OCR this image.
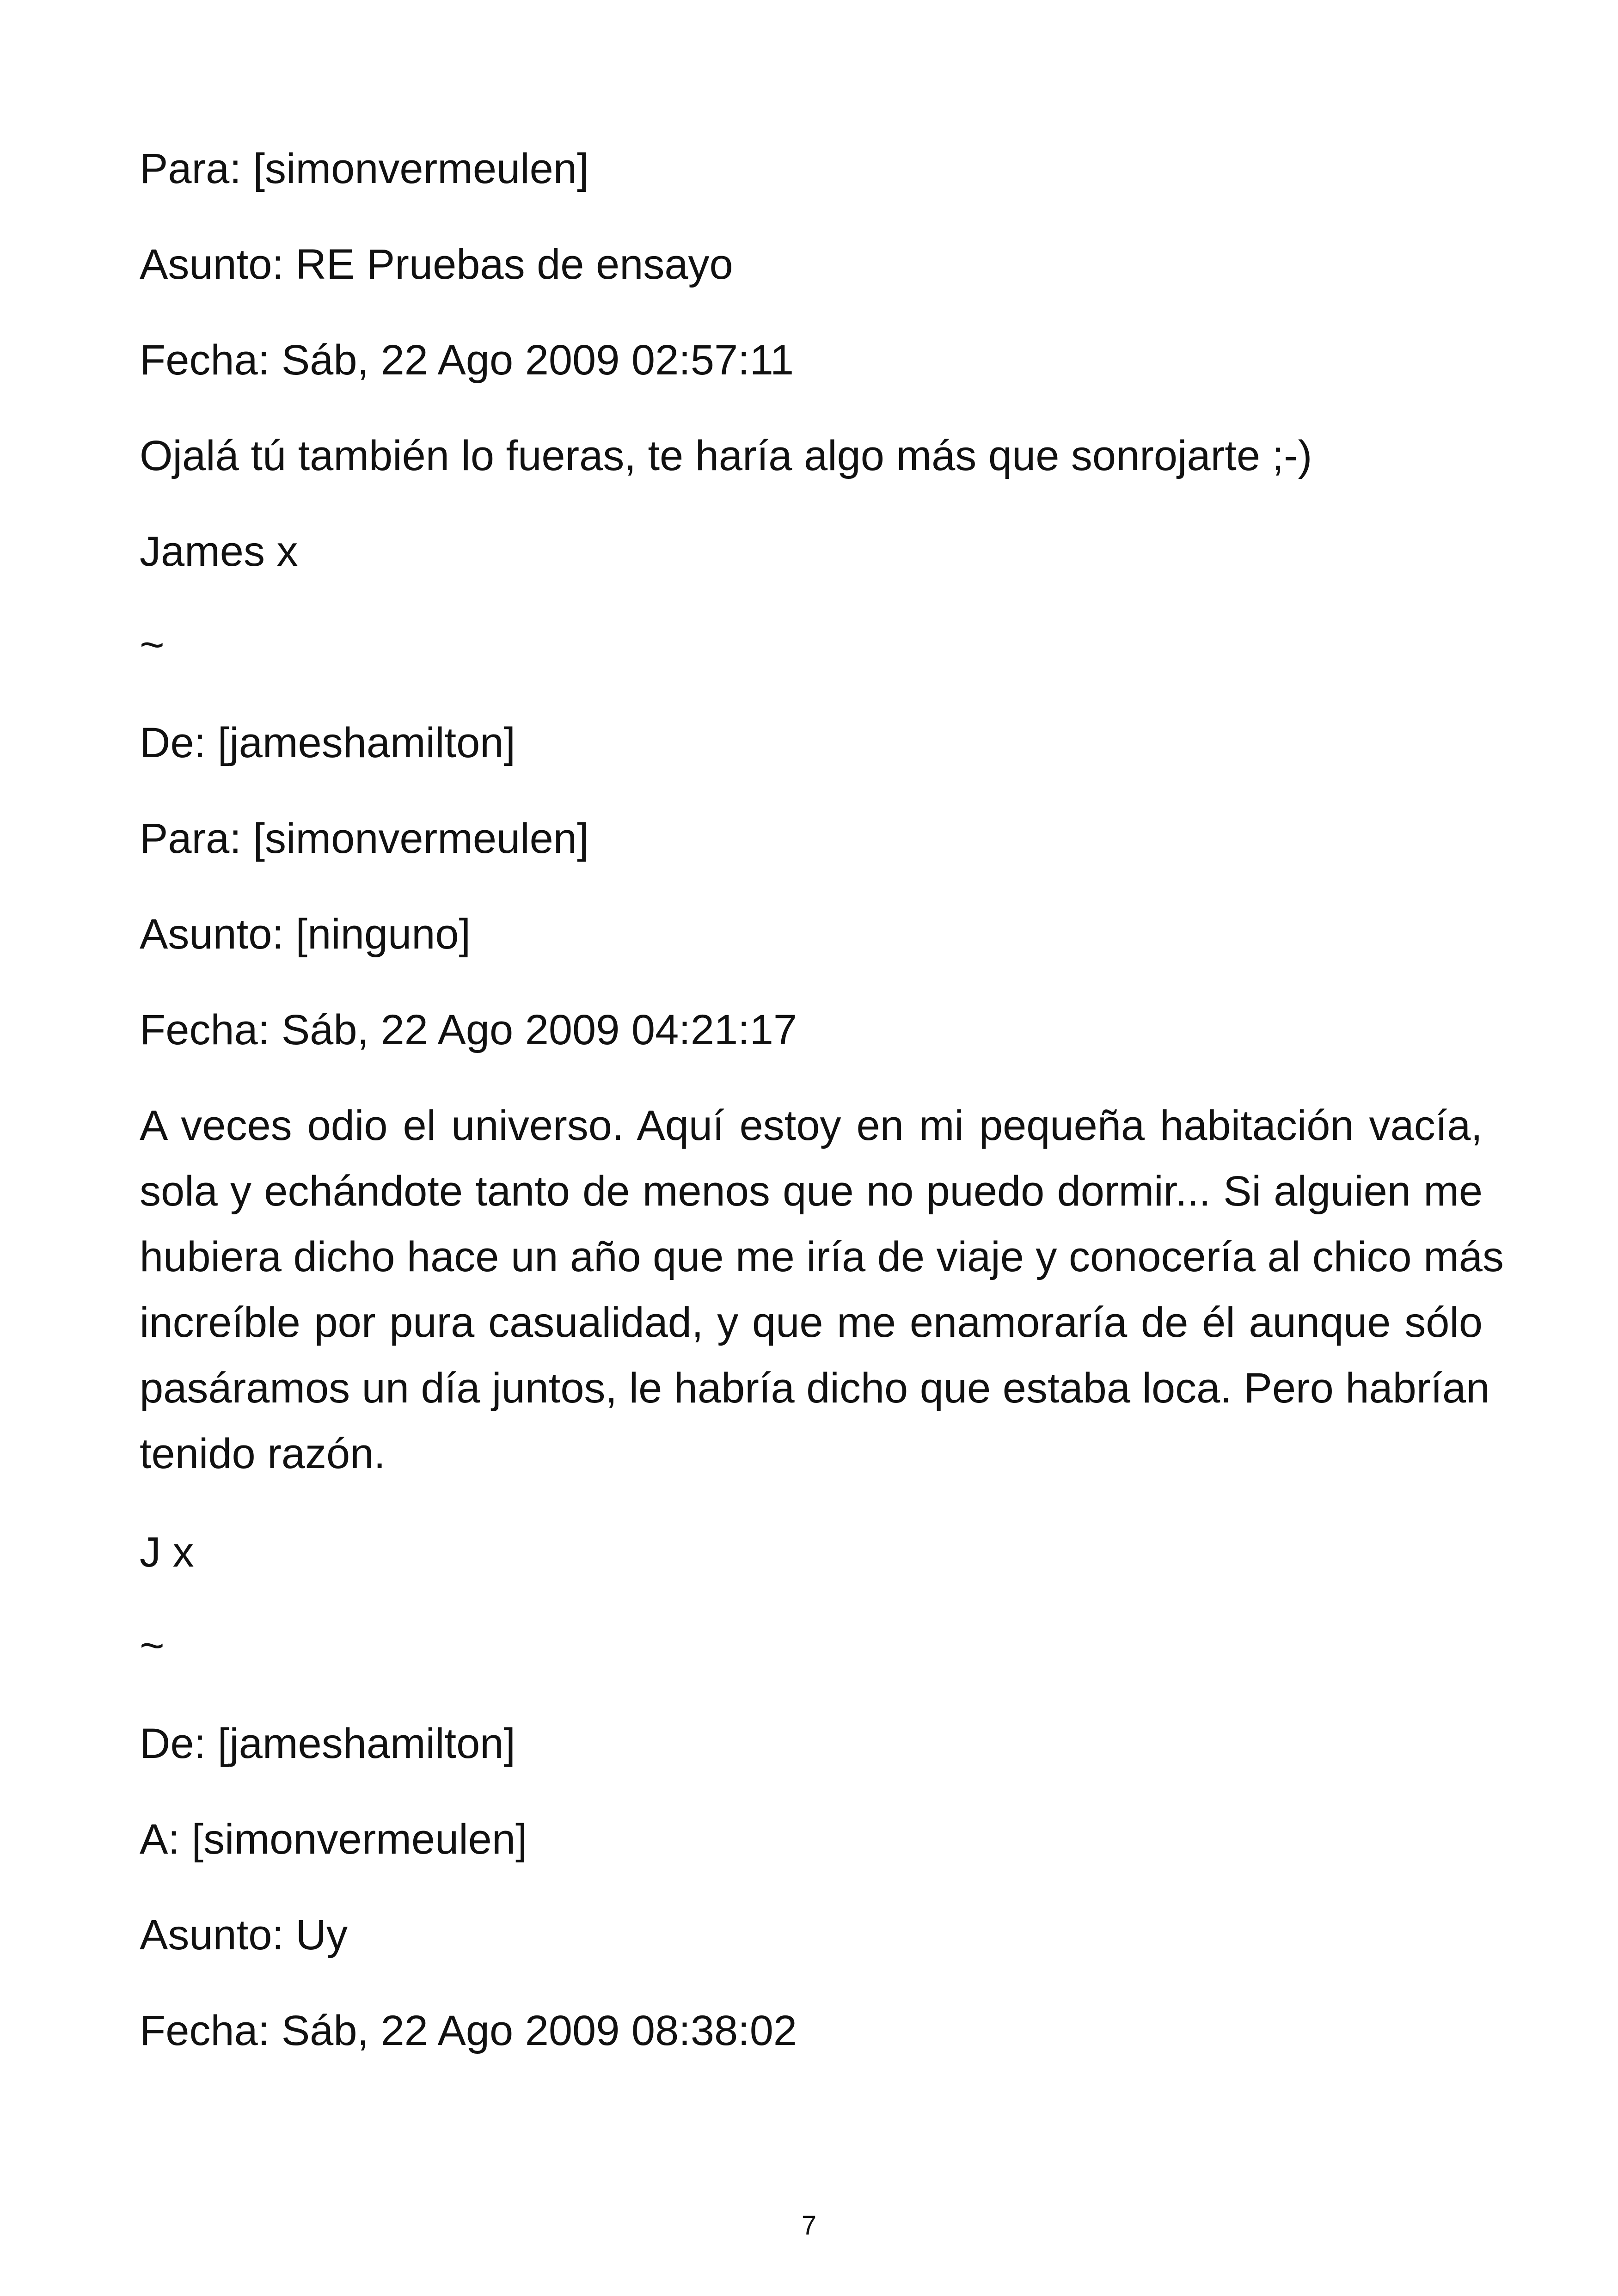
Para: [simonvermeulen]
Asunto: RE Pruebas de ensayo
Fecha: Sáb, 22 Ago 2009 02:57:11
Ojalá tú también lo fueras, te haría algo más que sonrojarte ;-)
James x
~
De: [jameshamilton]
Para: [simonvermeulen]
Asunto: [ninguno]
Fecha: Sáb, 22 Ago 2009 04:21:17
A veces odio el universo. Aquí estoy en mi pequeña habitación vacía,
sola y echándote tanto de menos que no puedo dormir... Si alguien me
hubiera dicho hace un año que me iría de viaje y conocería al chico más
increíble por pura casualidad, y que me enamoraría de él aunque sólo
pasáramos un día juntos, le habría dicho que estaba loca. Pero habrían
tenido razón.
J x
~
De: [jameshamilton]
A: [simonvermeulen]
Asunto: Uy
Fecha: Sáb, 22 Ago 2009 08:38:02
7
